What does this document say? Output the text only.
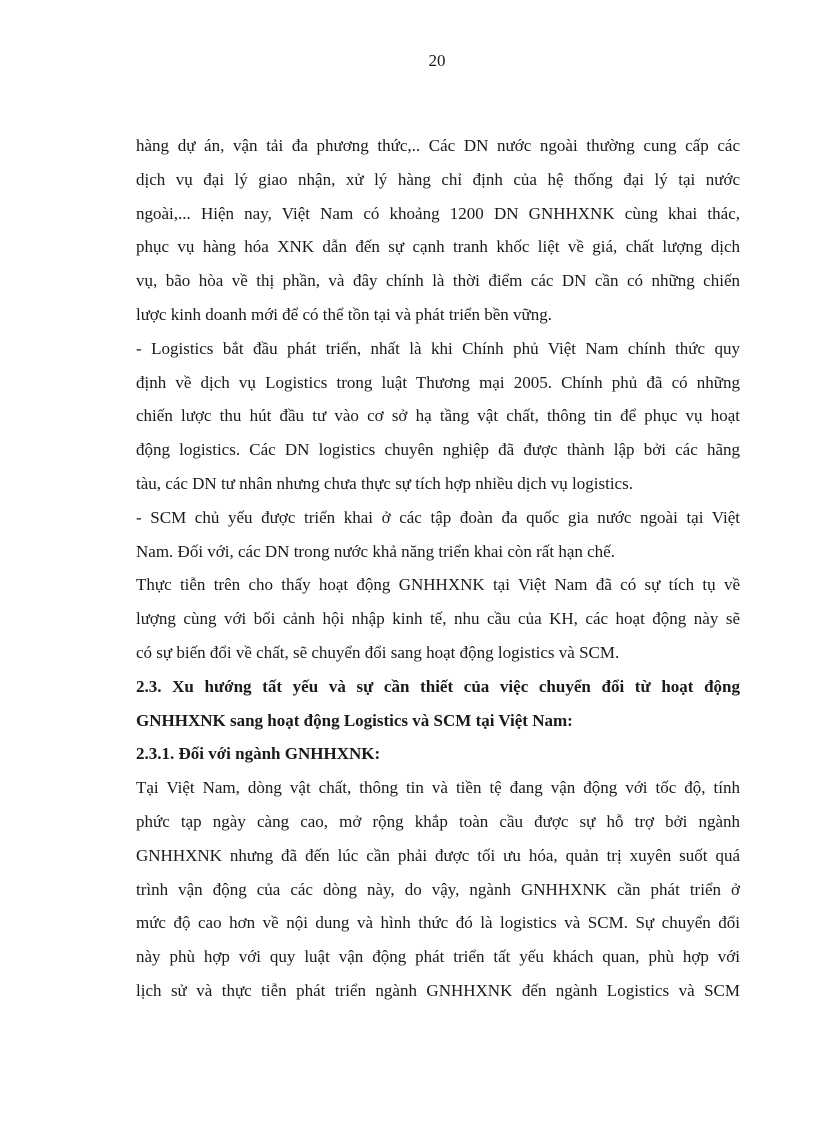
20
hàng dự án, vận tải đa phương thức,.. Các DN nước ngoài thường cung cấp các
dịch vụ đại lý giao nhận, xử lý hàng chỉ định của hệ thống đại lý tại nước
ngoài,... Hiện nay, Việt Nam có khoảng 1200 DN GNHHXNK cùng khai thác,
phục vụ hàng hóa XNK dẫn đến sự cạnh tranh khốc liệt về giá, chất lượng dịch
vụ, bão hòa về thị phần, và đây chính là thời điểm các DN cần có những chiến
lược kinh doanh mới để có thể tồn tại và phát triển bền vững.
- Logistics bắt đầu phát triển, nhất là khi Chính phủ Việt Nam chính thức quy
định về dịch vụ Logistics trong luật Thương mại 2005. Chính phủ đã có những
chiến lược thu hút đầu tư vào cơ sở hạ tầng vật chất, thông tin để phục vụ hoạt
động logistics. Các DN logistics chuyên nghiệp đã được thành lập bởi các hãng
tàu, các DN tư nhân nhưng chưa thực sự tích hợp nhiều dịch vụ logistics.
- SCM chủ yếu được triển khai ở các tập đoàn đa quốc gia nước ngoài tại Việt
Nam. Đối với, các DN trong nước khả năng triển khai còn rất hạn chế.
Thực tiễn trên cho thấy hoạt động GNHHXNK tại Việt Nam đã có sự tích tụ về
lượng cùng với bối cảnh hội nhập kinh tế, nhu cầu của KH, các hoạt động này sẽ
có sự biến đổi về chất, sẽ chuyển đổi sang hoạt động logistics và SCM.
2.3. Xu hướng tất yếu và sự cần thiết của việc chuyển đổi từ hoạt động
GNHHXNK sang hoạt động Logistics và SCM tại Việt Nam:
2.3.1. Đối với ngành GNHHXNK:
Tại Việt Nam, dòng vật chất, thông tin và tiền tệ đang vận động với tốc độ, tính
phức tạp ngày càng cao, mở rộng khắp toàn cầu được sự hỗ trợ bởi ngành
GNHHXNK nhưng đã đến lúc cần phải được tối ưu hóa, quản trị xuyên suốt quá
trình vận động của các dòng này, do vậy, ngành GNHHXNK cần phát triển ở
mức độ cao hơn về nội dung và hình thức đó là logistics và SCM. Sự chuyển đổi
này phù hợp với quy luật vận động phát triển tất yếu khách quan, phù hợp với
lịch sử và thực tiễn phát triển ngành GNHHXNK đến ngành Logistics và SCM
